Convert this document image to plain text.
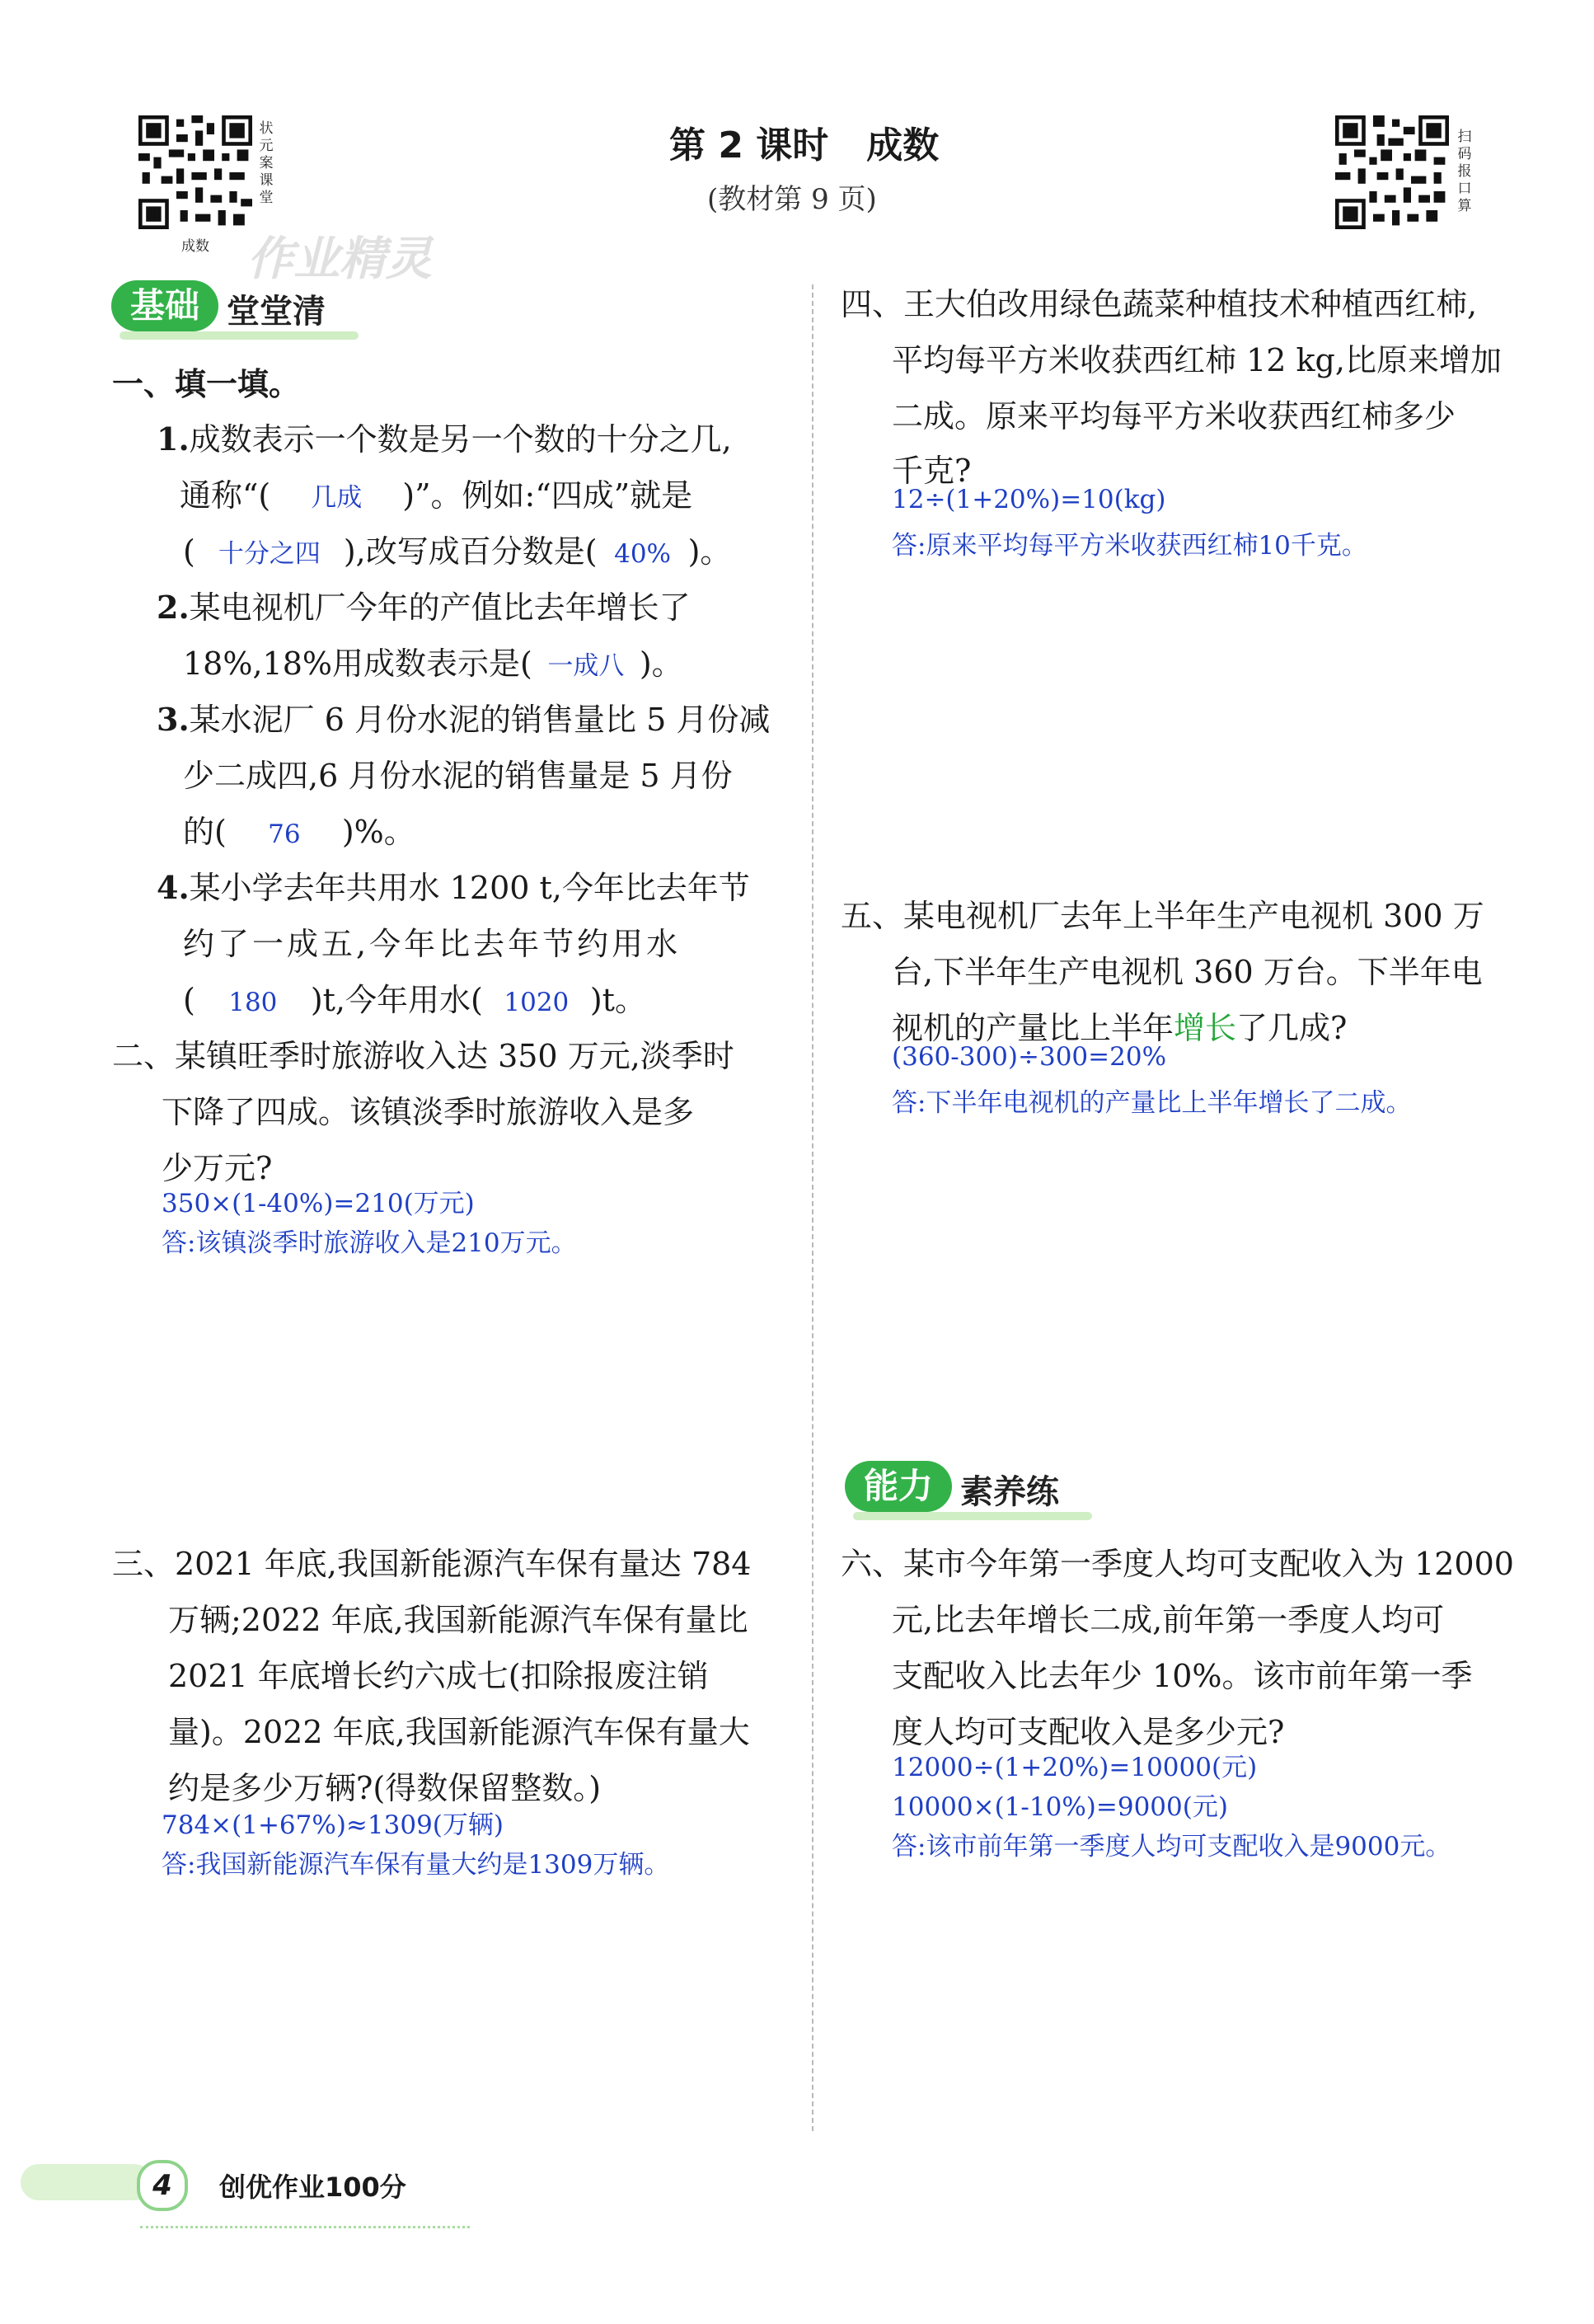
状元案课堂
成数 作业精灵
扫码报口算
第 2 课时   成数
(教材第 9 页)
基础 堂堂清
一、填一填。
1.成数表示一个数是另一个数的十分之几,
通称“( 几成 )”。例如:“四成”就是
( 十分之四 ),改写成百分数是( 40% )。
2.某电视机厂今年的产值比去年增长了
18%,18%用成数表示是( 一成八 )。
3.某水泥厂 6 月份水泥的销售量比 5 月份减
少二成四,6 月份水泥的销售量是 5 月份
的( 76 )%。
4.某小学去年共用水 1200 t,今年比去年节
约了一成五,今年比去年节约用水
( 180 )t,今年用水( 1020 )t。
二、某镇旺季时旅游收入达 350 万元,淡季时
下降了四成。该镇淡季时旅游收入是多
少万元?
350×(1-40%)=210(万元)
答:该镇淡季时旅游收入是210万元。
三、2021 年底,我国新能源汽车保有量达 784
万辆;2022 年底,我国新能源汽车保有量比
2021 年底增长约六成七(扣除报废注销
量)。2022 年底,我国新能源汽车保有量大
约是多少万辆?(得数保留整数。)
784×(1+67%)≈1309(万辆)
答:我国新能源汽车保有量大约是1309万辆。
四、王大伯改用绿色蔬菜种植技术种植西红柿,
平均每平方米收获西红柿 12 kg,比原来增加
二成。原来平均每平方米收获西红柿多少
千克?
12÷(1+20%)=10(kg)
答:原来平均每平方米收获西红柿10千克。
五、某电视机厂去年上半年生产电视机 300 万
台,下半年生产电视机 360 万台。下半年电
视机的产量比上半年增长了几成?
(360-300)÷300=20%
答:下半年电视机的产量比上半年增长了二成。
能力 素养练
六、某市今年第一季度人均可支配收入为 12000
元,比去年增长二成,前年第一季度人均可
支配收入比去年少 10%。该市前年第一季
度人均可支配收入是多少元?
12000÷(1+20%)=10000(元)
10000×(1-10%)=9000(元)
答:该市前年第一季度人均可支配收入是9000元。
4	创优作业100分
